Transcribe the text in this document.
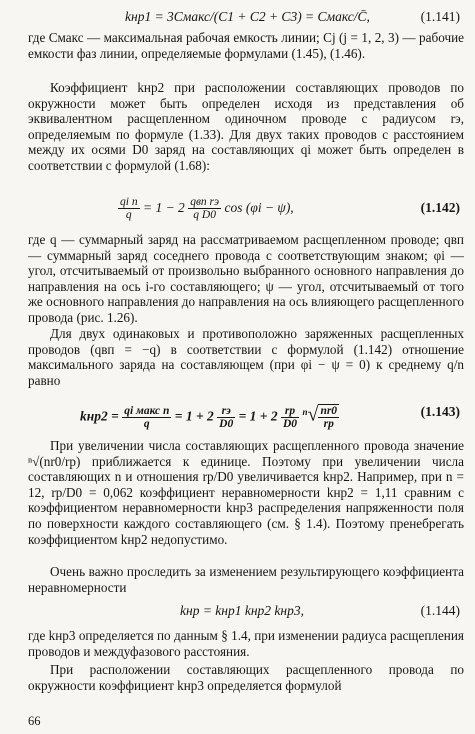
kнр1 = 3Cмакс/(C1 + C2 + C3) = Cмакс/C̄,	(1.141)

где Cмакс — максимальная рабочая емкость линии; Cj (j = 1, 2, 3) — рабочие емкости фаз линии, определяемые формулами (1.45), (1.46).

Коэффициент kнр2 при расположении составляющих проводов по окружности может быть определен исходя из представления об эквивалентном расщепленном одиночном проводе с радиусом rэ, определяемым по формуле (1.33). Для двух таких проводов с расстоянием между их осями D0 заряд на составляющих qi может быть определен в соответствии с формулой (1.68):

$\frac{\text{qi n}}{q} = 1 - 2 \frac{\text{qвп rэ}}{\text{q D0}}$ cos (φi − ψ),	(1.142)

где q — суммарный заряд на рассматриваемом расщепленном проводе; qвп — суммарный заряд соседнего провода с соответствующим знаком; φi — угол, отсчитываемый от произвольно выбранного основного направления до направления на ось i-го составляющего; ψ — угол, отсчитываемый от того же основного направления до направления на ось влияющего расщепленного провода (рис. 1.26).

Для двух одинаковых и противоположно заряженных расщепленных проводов (qвп = −q) в соответствии с формулой (1.142) отношение максимального заряда на составляющем (при φi − ψ = 0) к среднему q/n равно

$kнр2 = \frac{\text{qi макс n}}{q} = 1 + 2 \frac{rэ}{D0} = 1 + 2 \frac{rр}{D0} ^n√ \frac{nr0}{rр}$	(1.143)

При увеличении числа составляющих расщепленного провода значение ⁿ√(nr0/rр) приближается к единице. Поэтому при увеличении числа составляющих n и отношения rр/D0 увеличивается kнр2. Например, при n = 12, rр/D0 = 0,062 коэффициент неравномерности kнр2 = 1,11 сравним с коэффициентом неравномерности kнр3 распределения напряженности поля по поверхности каждого составляющего (см. § 1.4). Поэтому пренебрегать коэффициентом kнр2 недопустимо.

Очень важно проследить за изменением результирующего коэффициента неравномерности

kнр = kнр1 kнр2 kнр3,	(1.144)

где kнр3 определяется по данным § 1.4, при изменении радиуса расщепления проводов и междуфазового расстояния.

При расположении составляющих расщепленного провода по окружности коэффициент kнр3 определяется формулой

66
